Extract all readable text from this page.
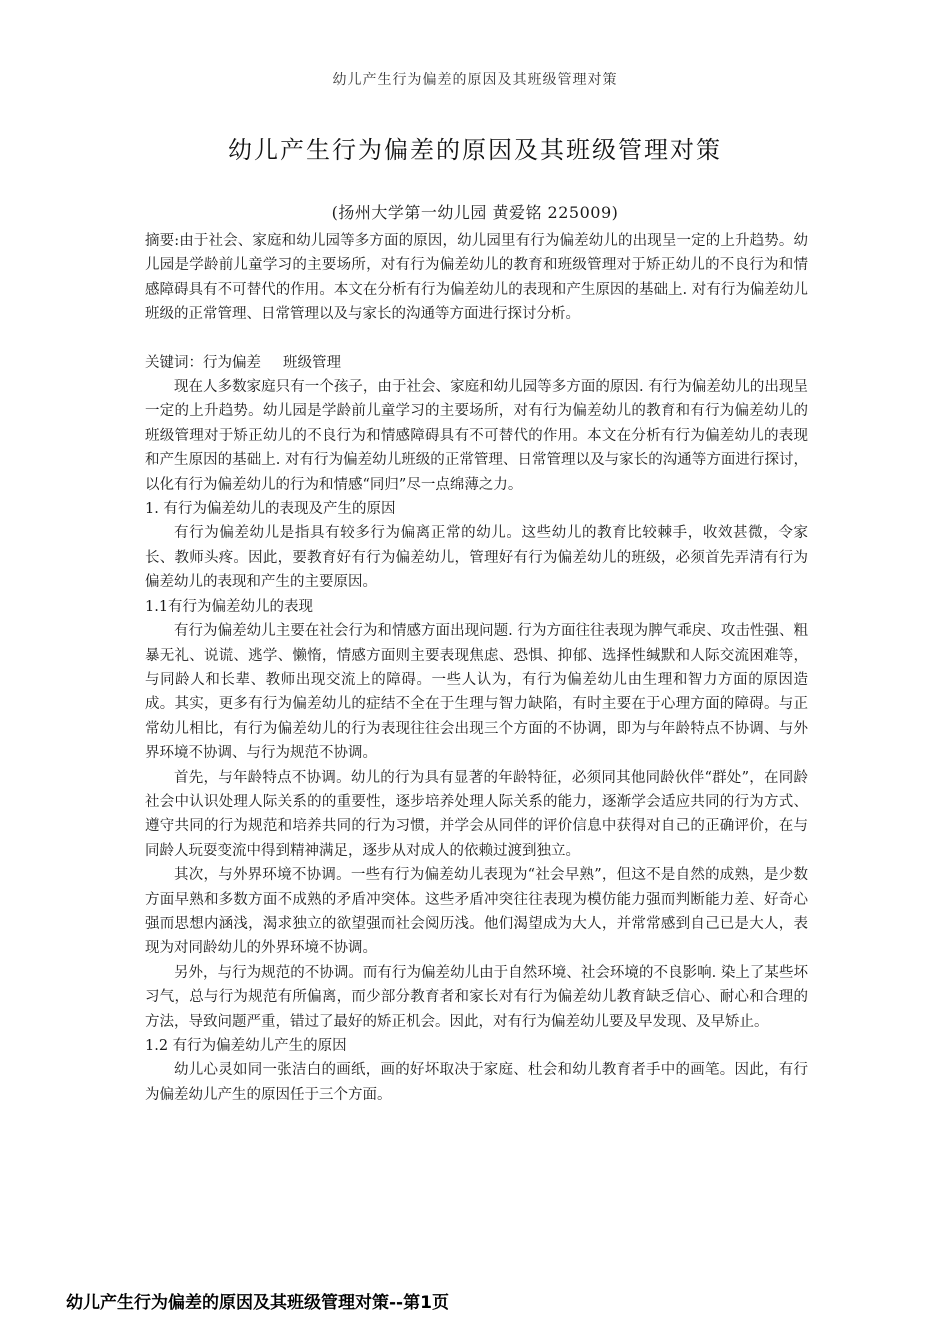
幼儿产生行为偏差的原因及其班级管理对策
幼儿产生行为偏差的原因及其班级管理对策
(扬州大学第一幼儿园 黄爱铭 225009)

摘要:由于社会、家庭和幼儿园等多方面的原因，幼儿园里有行为偏差幼儿的出现呈一定的上升趋势。幼儿园是学龄前儿童学习的主要场所，对有行为偏差幼儿的教育和班级管理对于矫正幼儿的不良行为和情感障碍具有不可替代的作用。本文在分析有行为偏差幼儿的表现和产生原因的基础上. 对有行为偏差幼儿班级的正常管理、日常管理以及与家长的沟通等方面进行探讨分析。

关键词：行为偏差 班级管理

现在人多数家庭只有一个孩子，由于社会、家庭和幼儿园等多方面的原因. 有行为偏差幼儿的出现呈一定的上升趋势。幼儿园是学龄前儿童学习的主要场所，对有行为偏差幼儿的教育和有行为偏差幼儿的班级管理对于矫正幼儿的不良行为和情感障碍具有不可替代的作用。本文在分析有行为偏差幼儿的表现和产生原因的基础上. 对有行为偏差幼儿班级的正常管理、日常管理以及与家长的沟通等方面进行探讨，以化有行为偏差幼儿的行为和情感“同归”尽一点绵薄之力。

1. 有行为偏差幼儿的表现及产生的原因

有行为偏差幼儿是指具有较多行为偏离正常的幼儿。这些幼儿的教育比较棘手，收效甚微，令家长、教师头疼。因此，要教育好有行为偏差幼儿，管理好有行为偏差幼儿的班级，必须首先弄清有行为偏差幼儿的表现和产生的主要原因。

1.1有行为偏差幼儿的表现

有行为偏差幼儿主要在社会行为和情感方面出现问题. 行为方面往往表现为脾气乖戾、攻击性强、粗暴无礼、说谎、逃学、懒惰，情感方面则主要表现焦虑、恐惧、抑郁、选择性缄默和人际交流困难等，与同龄人和长辈、教师出现交流上的障碍。一些人认为，有行为偏差幼儿由生理和智力方面的原因造成。其实，更多有行为偏差幼儿的症结不全在于生理与智力缺陷，有时主要在于心理方面的障碍。与正常幼儿相比，有行为偏差幼儿的行为表现往往会出现三个方面的不协调，即为与年龄特点不协调、与外界环境不协调、与行为规范不协调。

首先，与年龄特点不协调。幼儿的行为具有显著的年龄特征，必须同其他同龄伙伴“群处”，在同龄社会中认识处理人际关系的的重要性，逐步培养处理人际关系的能力，逐渐学会适应共同的行为方式、遵守共同的行为规范和培养共同的行为习惯，并学会从同伴的评价信息中获得对自己的正确评价，在与同龄人玩耍变流中得到精神满足，逐步从对成人的依赖过渡到独立。

其次，与外界环境不协调。一些有行为偏差幼儿表现为“社会早熟”，但这不是自然的成熟，是少数方面早熟和多数方面不成熟的矛盾冲突体。这些矛盾冲突往往表现为模仿能力强而判断能力差、好奇心强而思想内涵浅，渴求独立的欲望强而社会阅历浅。他们渴望成为大人，并常常感到自己已是大人，表现为对同龄幼儿的外界环境不协调。

另外，与行为规范的不协调。而有行为偏差幼儿由于自然环境、社会环境的不良影响. 染上了某些坏习气，总与行为规范有所偏离，而少部分教育者和家长对有行为偏差幼儿教育缺乏信心、耐心和合理的方法，导致问题严重，错过了最好的矫正机会。因此，对有行为偏差幼儿要及早发现、及早矫止。

1.2 有行为偏差幼儿产生的原因

幼儿心灵如同一张洁白的画纸，画的好坏取决于家庭、杜会和幼儿教育者手中的画笔。因此，有行为偏差幼儿产生的原因任于三个方面。

幼儿产生行为偏差的原因及其班级管理对策--第1页
